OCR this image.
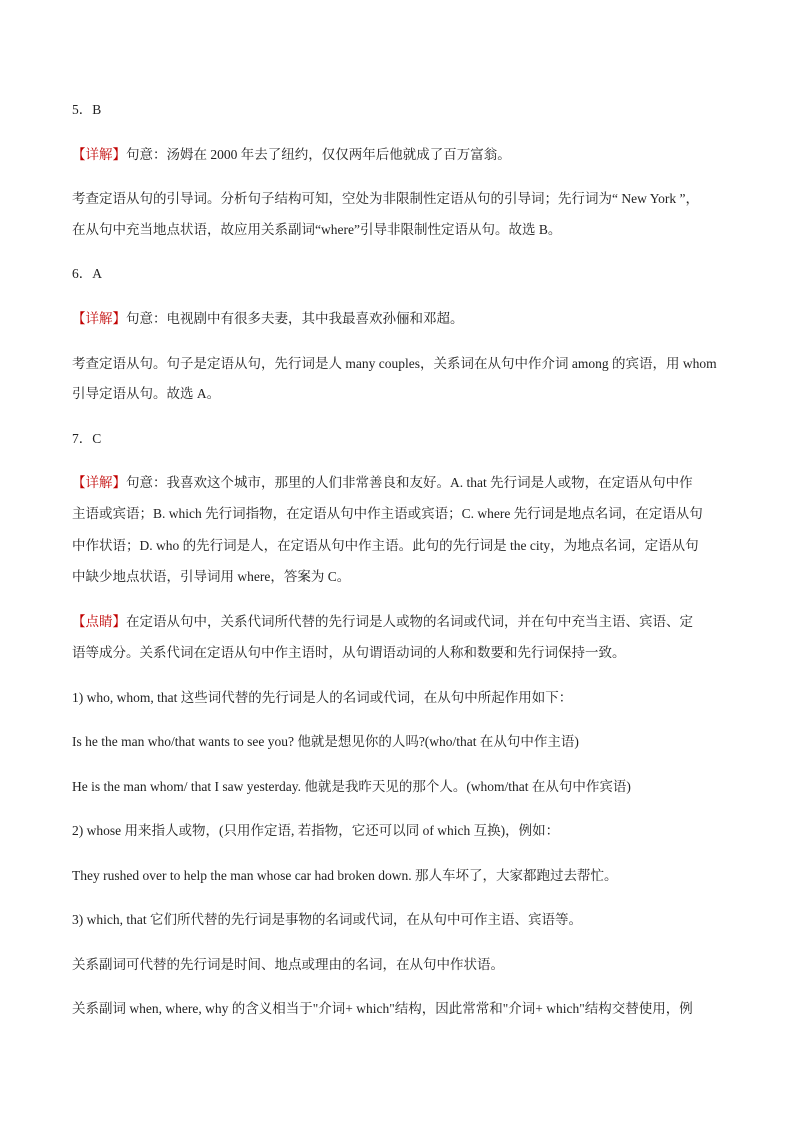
5．B
【详解】句意：汤姆在 2000 年去了纽约，仅仅两年后他就成了百万富翁。
考查定语从句的引导词。分析句子结构可知，空处为非限制性定语从句的引导词；先行词为“ New York ”，
在从句中充当地点状语，故应用关系副词“where”引导非限制性定语从句。故选 B。
6．A
【详解】句意：电视剧中有很多夫妻，其中我最喜欢孙俪和邓超。
考查定语从句。句子是定语从句，先行词是人 many couples，关系词在从句中作介词 among 的宾语，用 whom
引导定语从句。故选 A。
7．C
【详解】句意：我喜欢这个城市，那里的人们非常善良和友好。A. that 先行词是人或物，在定语从句中作
主语或宾语；B. which 先行词指物，在定语从句中作主语或宾语；C. where 先行词是地点名词，在定语从句
中作状语；D. who 的先行词是人，在定语从句中作主语。此句的先行词是 the city，为地点名词，定语从句
中缺少地点状语，引导词用 where，答案为 C。
【点睛】在定语从句中，关系代词所代替的先行词是人或物的名词或代词，并在句中充当主语、宾语、定
语等成分。关系代词在定语从句中作主语时，从句谓语动词的人称和数要和先行词保持一致。
1) who, whom, that 这些词代替的先行词是人的名词或代词，在从句中所起作用如下：
Is he the man who/that wants to see you? 他就是想见你的人吗?(who/that 在从句中作主语)
He is the man whom/ that I saw yesterday. 他就是我昨天见的那个人。(whom/that 在从句中作宾语)
2) whose 用来指人或物，(只用作定语, 若指物，它还可以同 of which 互换)，例如：
They rushed over to help the man whose car had broken down. 那人车坏了，大家都跑过去帮忙。
3) which, that 它们所代替的先行词是事物的名词或代词，在从句中可作主语、宾语等。
关系副词可代替的先行词是时间、地点或理由的名词，在从句中作状语。
关系副词 when, where, why 的含义相当于"介词+ which"结构，因此常常和"介词+ which"结构交替使用，例
